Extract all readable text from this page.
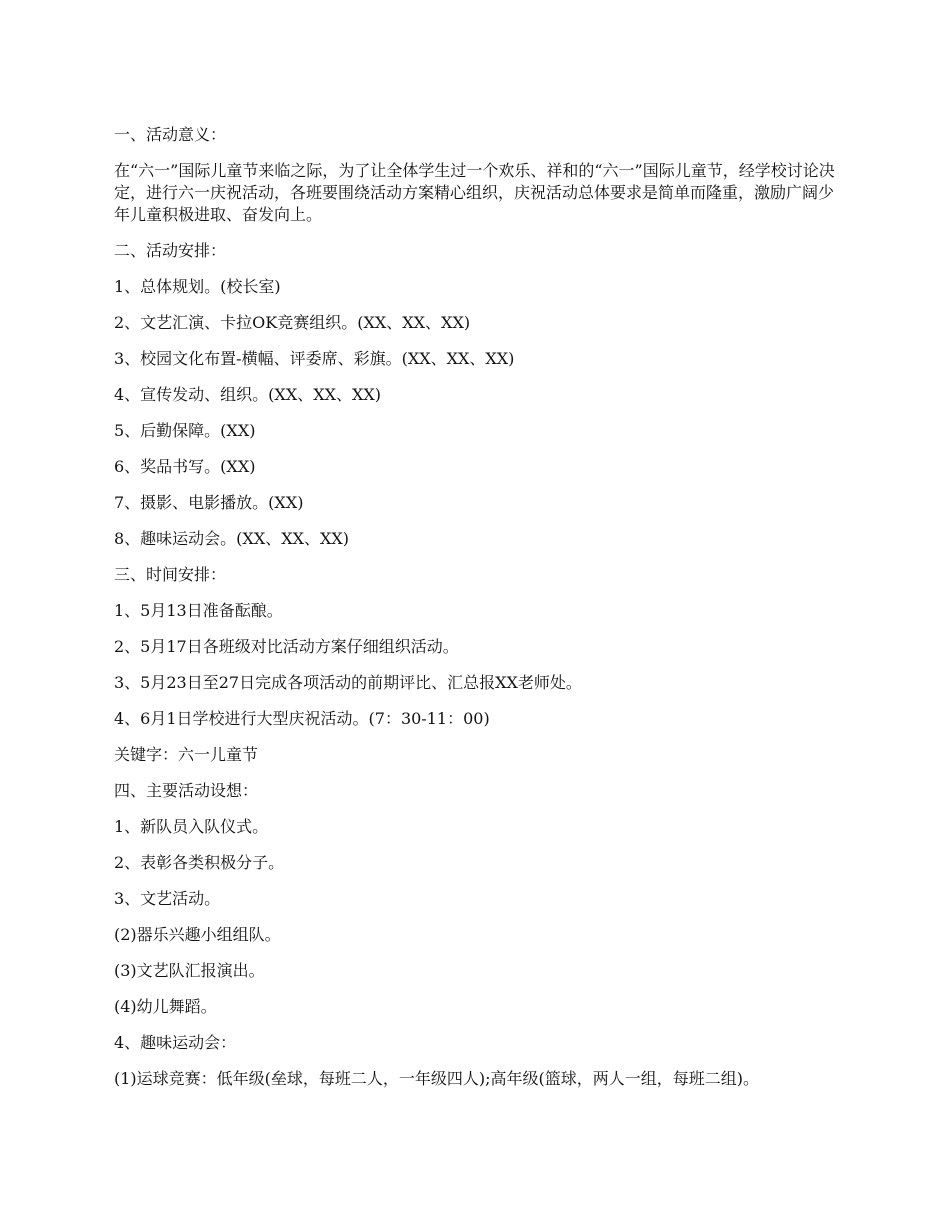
一、活动意义：

在“六一”国际儿童节来临之际，为了让全体学生过一个欢乐、祥和的“六一”国际儿童节，经学校讨论决定，进行六一庆祝活动，各班要围绕活动方案精心组织，庆祝活动总体要求是简单而隆重，激励广阔少年儿童积极进取、奋发向上。

二、活动安排：

1、总体规划。(校长室)

2、文艺汇演、卡拉OK竞赛组织。(XX、XX、XX)

3、校园文化布置-横幅、评委席、彩旗。(XX、XX、XX)

4、宣传发动、组织。(XX、XX、XX)

5、后勤保障。(XX)

6、奖品书写。(XX)

7、摄影、电影播放。(XX)

8、趣味运动会。(XX、XX、XX)

三、时间安排：

1、5月13日准备酝酿。

2、5月17日各班级对比活动方案仔细组织活动。

3、5月23日至27日完成各项活动的前期评比、汇总报XX老师处。

4、6月1日学校进行大型庆祝活动。(7：30-11：00)

关键字：六一儿童节

四、主要活动设想：

1、新队员入队仪式。

2、表彰各类积极分子。

3、文艺活动。

(2)器乐兴趣小组组队。

(3)文艺队汇报演出。

(4)幼儿舞蹈。

4、趣味运动会：

(1)运球竞赛：低年级(垒球，每班二人，一年级四人);高年级(篮球，两人一组，每班二组)。
